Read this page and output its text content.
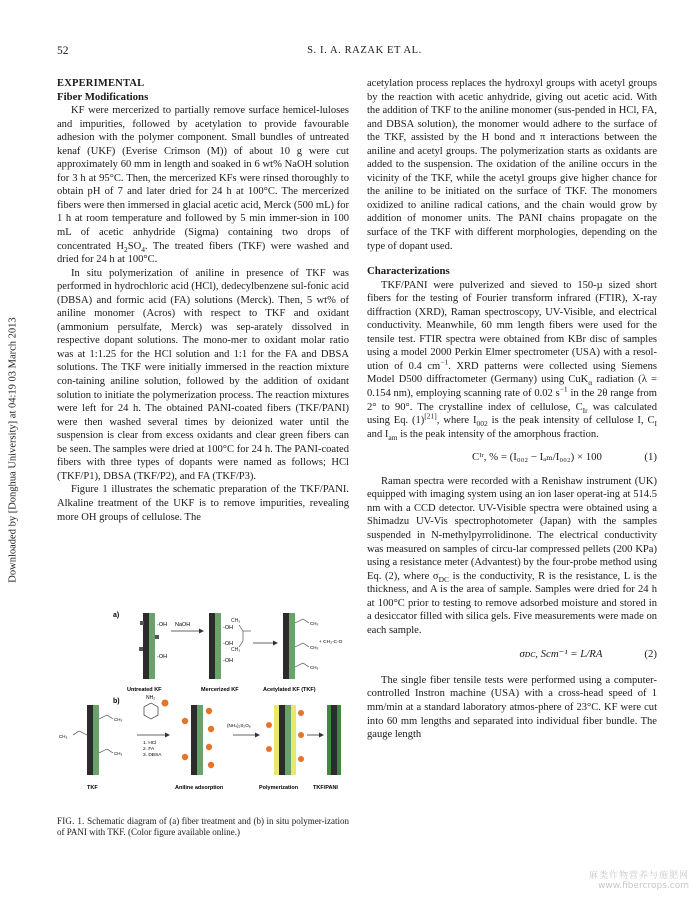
52	S. I. A. RAZAK ET AL.
Downloaded by [Donghua University] at 04:19 03 March 2013
EXPERIMENTAL
Fiber Modifications

KF were mercerized to partially remove surface hemicel-luloses and impurities, followed by acetylation to provide favourable adhesion with the polymer component. Small bundles of untreated kenaf (UKF) (Everise Crimson (M)) of about 10 g were cut approximately 60 mm in length and soaked in 6 wt% NaOH solution for 3 h at 95°C. Then, the mercerized KFs were rinsed thoroughly to obtain pH of 7 and later dried for 24 h at 100°C. The mercerized fibers were then immersed in glacial acetic acid, Merck (500 mL) for 1 h at room temperature and followed by 5 min immer-sion in 100 mL of acetic anhydride (Sigma) containing two drops of concentrated $H_2SO_4$. The treated fibers (TKF) were washed and dried for 24 h at 100°C.

In situ polymerization of aniline in presence of TKF was performed in hydrochloric acid (HCl), dedecylbenzene sul-fonic acid (DBSA) and formic acid (FA) solutions (Merck). Then, 5 wt% of aniline monomer (Acros) with respect to TKF and oxidant (ammonium persulfate, Merck) was sep-arately dissolved in respective dopant solutions. The mono-mer to oxidant molar ratio was at 1:1.25 for the HCl solution and 1:1 for the FA and DBSA solutions. The TKF were initially immersed in the reaction mixture con-taining aniline solution, followed by the addition of oxidant solution to initiate the polymerization process. The reaction mixtures were left for 24 h. The obtained PANI-coated fibers (TKF/PANI) were then washed several times by deionized water until the suspension is clear from excess oxidants and clear green fibers can be seen. The samples were dried at 100°C for 24 h. The PANI-coated fibers with three types of dopants were named as follows; HCl (TKF/P1), DBSA (TKF/P2), and FA (TKF/P3).

Figure 1 illustrates the schematic preparation of the TKF/PANI. Alkaline treatment of the UKF is to remove impurities, revealing more OH groups of cellulose. The

a)
-OH
-OH
NaOH	-OH
-OH
-OH
CH₃
CH₃
CH₃
CH₃
CH₃
+ CH₃-C-O
Untreated KF	Mercerized KF	Acetylated KF (TKF)
b)
CH₃
CH₃
CH₃
TKF
NH₂
1. HCl
2. FA
3. DBSA
Aniline adsorption
(NH₄)₂S₂O₈
Polymerization	TKF/PANI
FIG. 1. Schematic diagram of (a) fiber treatment and (b) in situ polymer-ization of PANI with TKF. (Color figure available online.)

acetylation process replaces the hydroxyl groups with acetyl groups by the reaction with acetic anhydride, giving out acetic acid. With the addition of TKF to the aniline monomer (sus-pended in HCl, FA, and DBSA solution), the monomer would adhere to the surface of the TKF, assisted by the H bond and π interactions between the aniline and acetyl groups. The polymerization starts as oxidants are added to the suspension. The oxidation of the aniline occurs in the vicinity of the TKF, while the acetyl groups give higher chance for the aniline to be initiated on the surface of TKF. The monomers oxidized to aniline radical cations, and the chain would grow by addition of monomer units. The PANI chains propagate on the surface of the TKF with different morphologies, depending on the type of dopant used.

Characterizations

TKF/PANI were pulverized and sieved to 150-µ sized short fibers for the testing of Fourier transform infrared (FTIR), X-ray diffraction (XRD), Raman spectroscopy, UV-Visible, and electrical conductivity. Meanwhile, 60 mm length fibers were used for the tensile test. FTIR spectra were obtained from KBr disc of samples using a model 2000 Perkin Elmer spectrometer (USA) with a resol-ution of 0.4 $cm^{-1}$. XRD patterns were collected using Siemens Model D500 diffractometer (Germany) using CuK$_\alpha$ radiation (λ = 0.154 nm), employing scanning rate of 0.02 $s^{-1}$ in the 2θ range from 2° to 90°. The crystalline index of cellulose, $C_{Ir}$ was calculated using Eq. (1)[21], where $I_{002}$ is the peak intensity of cellulose I, $C_I$ and $I_{am}$ is the peak intensity of the amorphous fraction.

Cᴵʳ, % = (I₀₀₂ − Iₐₘ/I₀₀₂) × 100	(1)

Raman spectra were recorded with a Renishaw instrument (UK) equipped with imaging system using an ion laser operat-ing at 514.5 nm with a CCD detector. UV-Visible spectra were obtained using a Shimadzu UV-Vis spectrophotometer (Japan) with the samples suspended in N-methylpyrrolidinone. The electrical conductivity was measured on samples of circu-lar compressed pellets (200 KPa) using a resistance meter (Advantest) by the four-probe method using Eq. (2), where $\sigma_{DC}$ is the conductivity, R is the resistance, L is the thickness, and A is the area of sample. Samples were dried for 24 h at 100°C prior to testing to remove adsorbed moisture and stored in a desiccator filled with silica gels. Five measurements were made on each sample.

σᴅᴄ, Scm⁻¹ = L/RA	(2)

The single fiber tensile tests were performed using a computer-controlled Instron machine (USA) with a cross-head speed of 1 mm/min at a standard laboratory atmos-phere of 23°C. KF were cut into 60 mm lengths and separated into individual fiber bundle. The gauge length

麻类作物营养与施肥网
www.fibercrops.com
